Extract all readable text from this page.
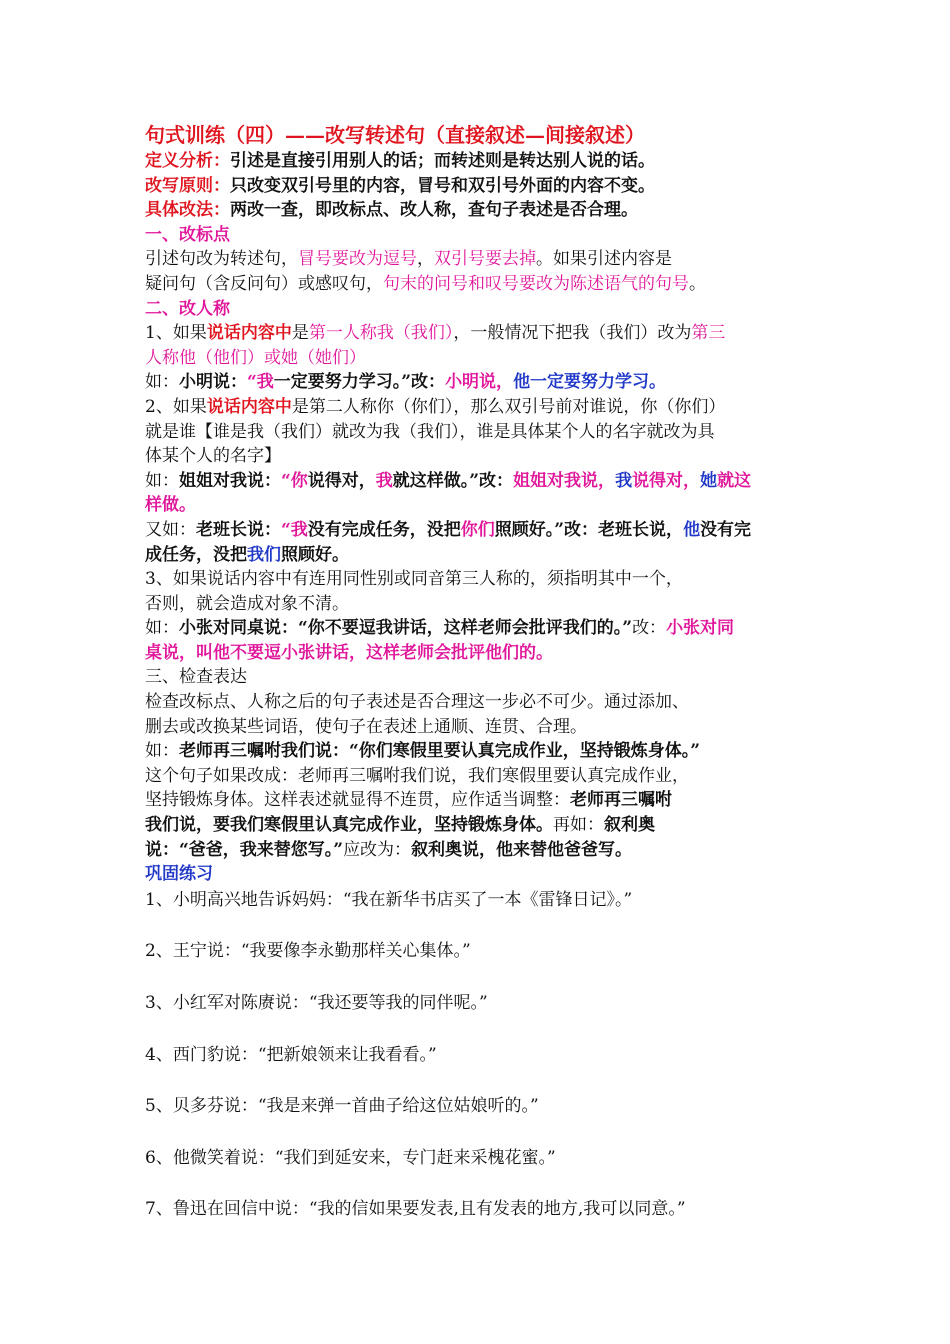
句式训练（四）——改写转述句（直接叙述—间接叙述）
定义分析：引述是直接引用别人的话；而转述则是转达别人说的话。
改写原则：只改变双引号里的内容，冒号和双引号外面的内容不变。
具体改法：两改一查，即改标点、改人称，查句子表述是否合理。
一、改标点
引述句改为转述句，冒号要改为逗号，双引号要去掉。如果引述内容是
疑问句（含反问句）或感叹句，句末的问号和叹号要改为陈述语气的句号。
二、改人称
1、如果说话内容中是第一人称我（我们），一般情况下把我（我们）改为第三
人称他（他们）或她（她们）
如：小明说：“我一定要努力学习。”改：小明说，他一定要努力学习。
2、如果说话内容中是第二人称你（你们），那么双引号前对谁说，你（你们）
就是谁【谁是我（我们）就改为我（我们），谁是具体某个人的名字就改为具
体某个人的名字】
如：姐姐对我说：“你说得对，我就这样做。”改：姐姐对我说，我说得对，她就这
样做。
又如：老班长说：“我没有完成任务，没把你们照顾好。”改：老班长说，他没有完
成任务，没把我们照顾好。
3、如果说话内容中有连用同性别或同音第三人称的，须指明其中一个，
否则，就会造成对象不清。
如：小张对同桌说：“你不要逗我讲话，这样老师会批评我们的。”改：小张对同
桌说，叫他不要逗小张讲话，这样老师会批评他们的。
三、检查表达
检查改标点、人称之后的句子表述是否合理这一步必不可少。通过添加、
删去或改换某些词语，使句子在表述上通顺、连贯、合理。
如：老师再三嘱咐我们说：“你们寒假里要认真完成作业，坚持锻炼身体。”
这个句子如果改成：老师再三嘱咐我们说，我们寒假里要认真完成作业，
坚持锻炼身体。这样表述就显得不连贯，应作适当调整：老师再三嘱咐
我们说，要我们寒假里认真完成作业，坚持锻炼身体。再如：叙利奥
说：“爸爸，我来替您写。”应改为：叙利奥说，他来替他爸爸写。
巩固练习
1、小明高兴地告诉妈妈：“我在新华书店买了一本《雷锋日记》。”
2、王宁说：“我要像李永勤那样关心集体。”
3、小红军对陈赓说：“我还要等我的同伴呢。”
4、西门豹说：“把新娘领来让我看看。”
5、贝多芬说：“我是来弹一首曲子给这位姑娘听的。”
6、他微笑着说：“我们到延安来，专门赶来采槐花蜜。”
7、鲁迅在回信中说：“我的信如果要发表,且有发表的地方,我可以同意。”
